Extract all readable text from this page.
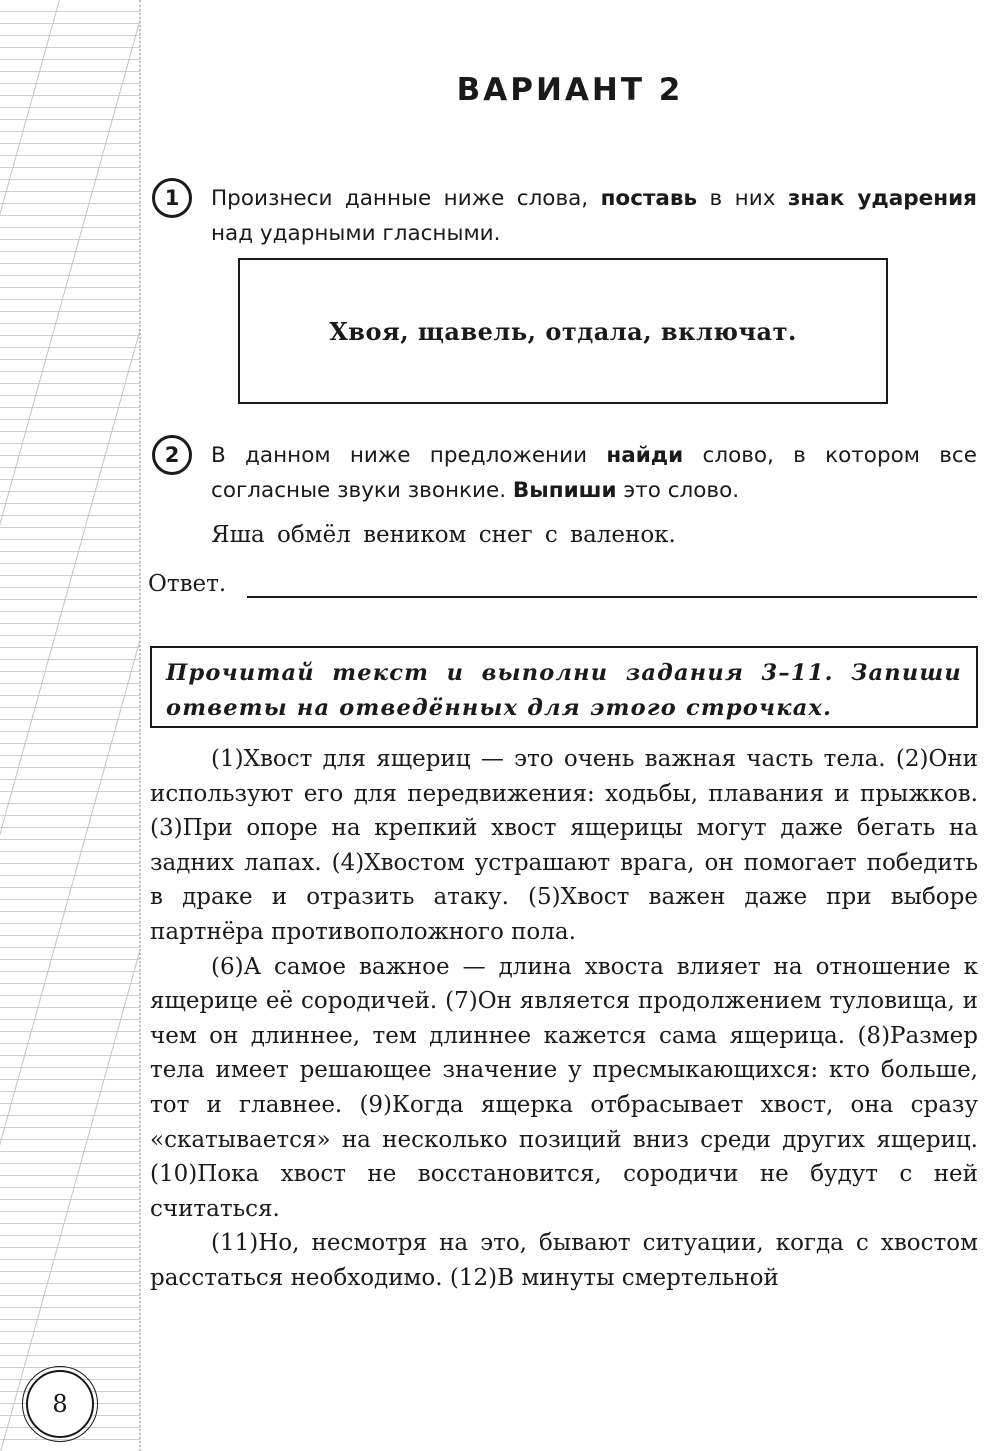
ВАРИАНТ 2
1	Произнеси данные ниже слова, поставь в них знак ударения над ударными гласными.

Хвоя, щавель, отдала, включат.
2	В данном ниже предложении найди слово, в котором все согласные звуки звонкие. Выпиши это слово.

Яша обмёл веником снег с валенок.

Ответ.

Прочитай текст и выполни задания 3–11. Запиши ответы на отведённых для этого строчках.

(1)Хвост для ящериц — это очень важная часть тела. (2)Они используют его для передвижения: ходьбы, плавания и прыжков. (3)При опоре на крепкий хвост ящерицы могут даже бегать на задних лапах. (4)Хвостом устрашают врага, он помогает победить в драке и отразить атаку. (5)Хвост важен даже при выборе партнёра противоположного пола.

(6)А самое важное — длина хвоста влияет на отношение к ящерице её сородичей. (7)Он является продолжением туловища, и чем он длиннее, тем длиннее кажется сама ящерица. (8)Размер тела имеет решающее значение у пресмыкающихся: кто больше, тот и главнее. (9)Когда ящерка отбрасывает хвост, она сразу «скатывается» на несколько позиций вниз среди других ящериц. (10)Пока хвост не восстановится, сородичи не будут с ней считаться.

(11)Но, несмотря на это, бывают ситуации, когда с хвостом расстаться необходимо. (12)В минуты смертельной

8
